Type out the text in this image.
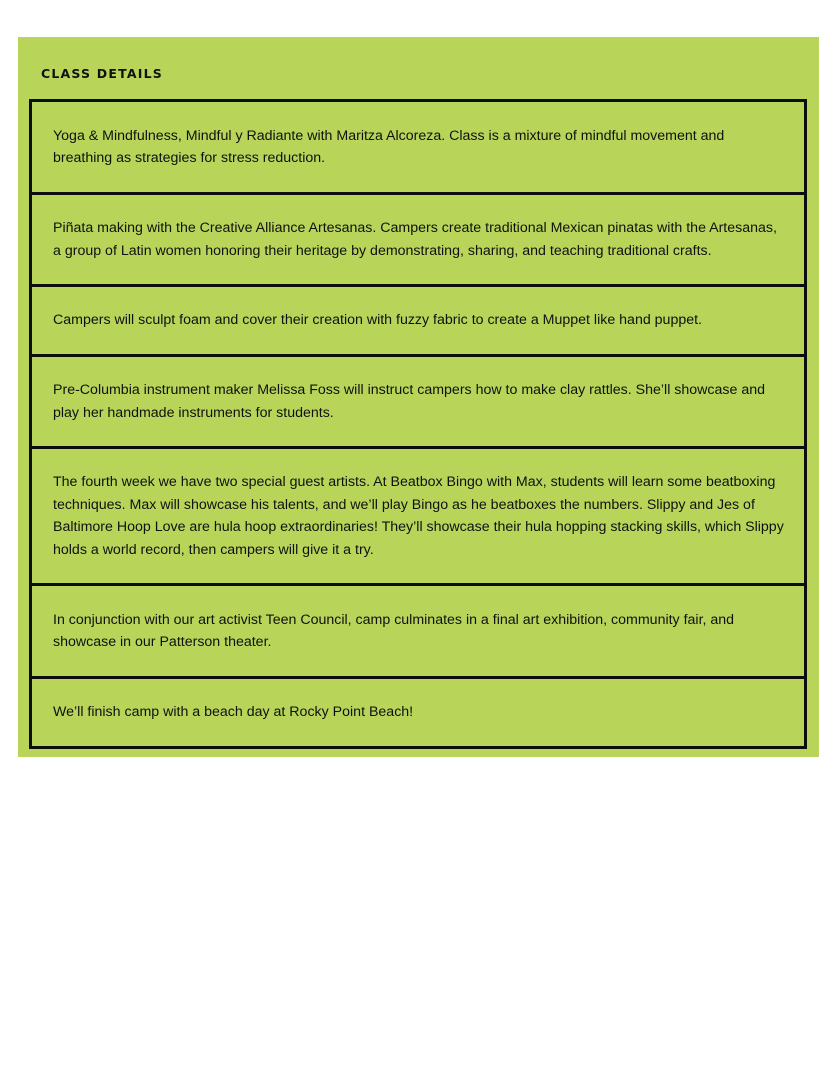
CLASS DETAILS

Yoga & Mindfulness, Mindful y Radiante with Maritza Alcoreza. Class is a mixture of mindful movement and breathing as strategies for stress reduction.

Piñata making with the Creative Alliance Artesanas. Campers create traditional Mexican pinatas with the Artesanas, a group of Latin women honoring their heritage by demonstrating, sharing, and teaching traditional crafts.

Campers will sculpt foam and cover their creation with fuzzy fabric to create a Muppet like hand puppet.

Pre-Columbia instrument maker Melissa Foss will instruct campers how to make clay rattles. She’ll showcase and play her handmade instruments for students.

The fourth week we have two special guest artists. At Beatbox Bingo with Max, students will learn some beatboxing techniques. Max will showcase his talents, and we’ll play Bingo as he beatboxes the numbers. Slippy and Jes of Baltimore Hoop Love are hula hoop extraordinaries! They’ll showcase their hula hopping stacking skills, which Slippy holds a world record, then campers will give it a try.

In conjunction with our art activist Teen Council, camp culminates in a final art exhibition, community fair, and showcase in our Patterson theater.

We’ll finish camp with a beach day at Rocky Point Beach!
